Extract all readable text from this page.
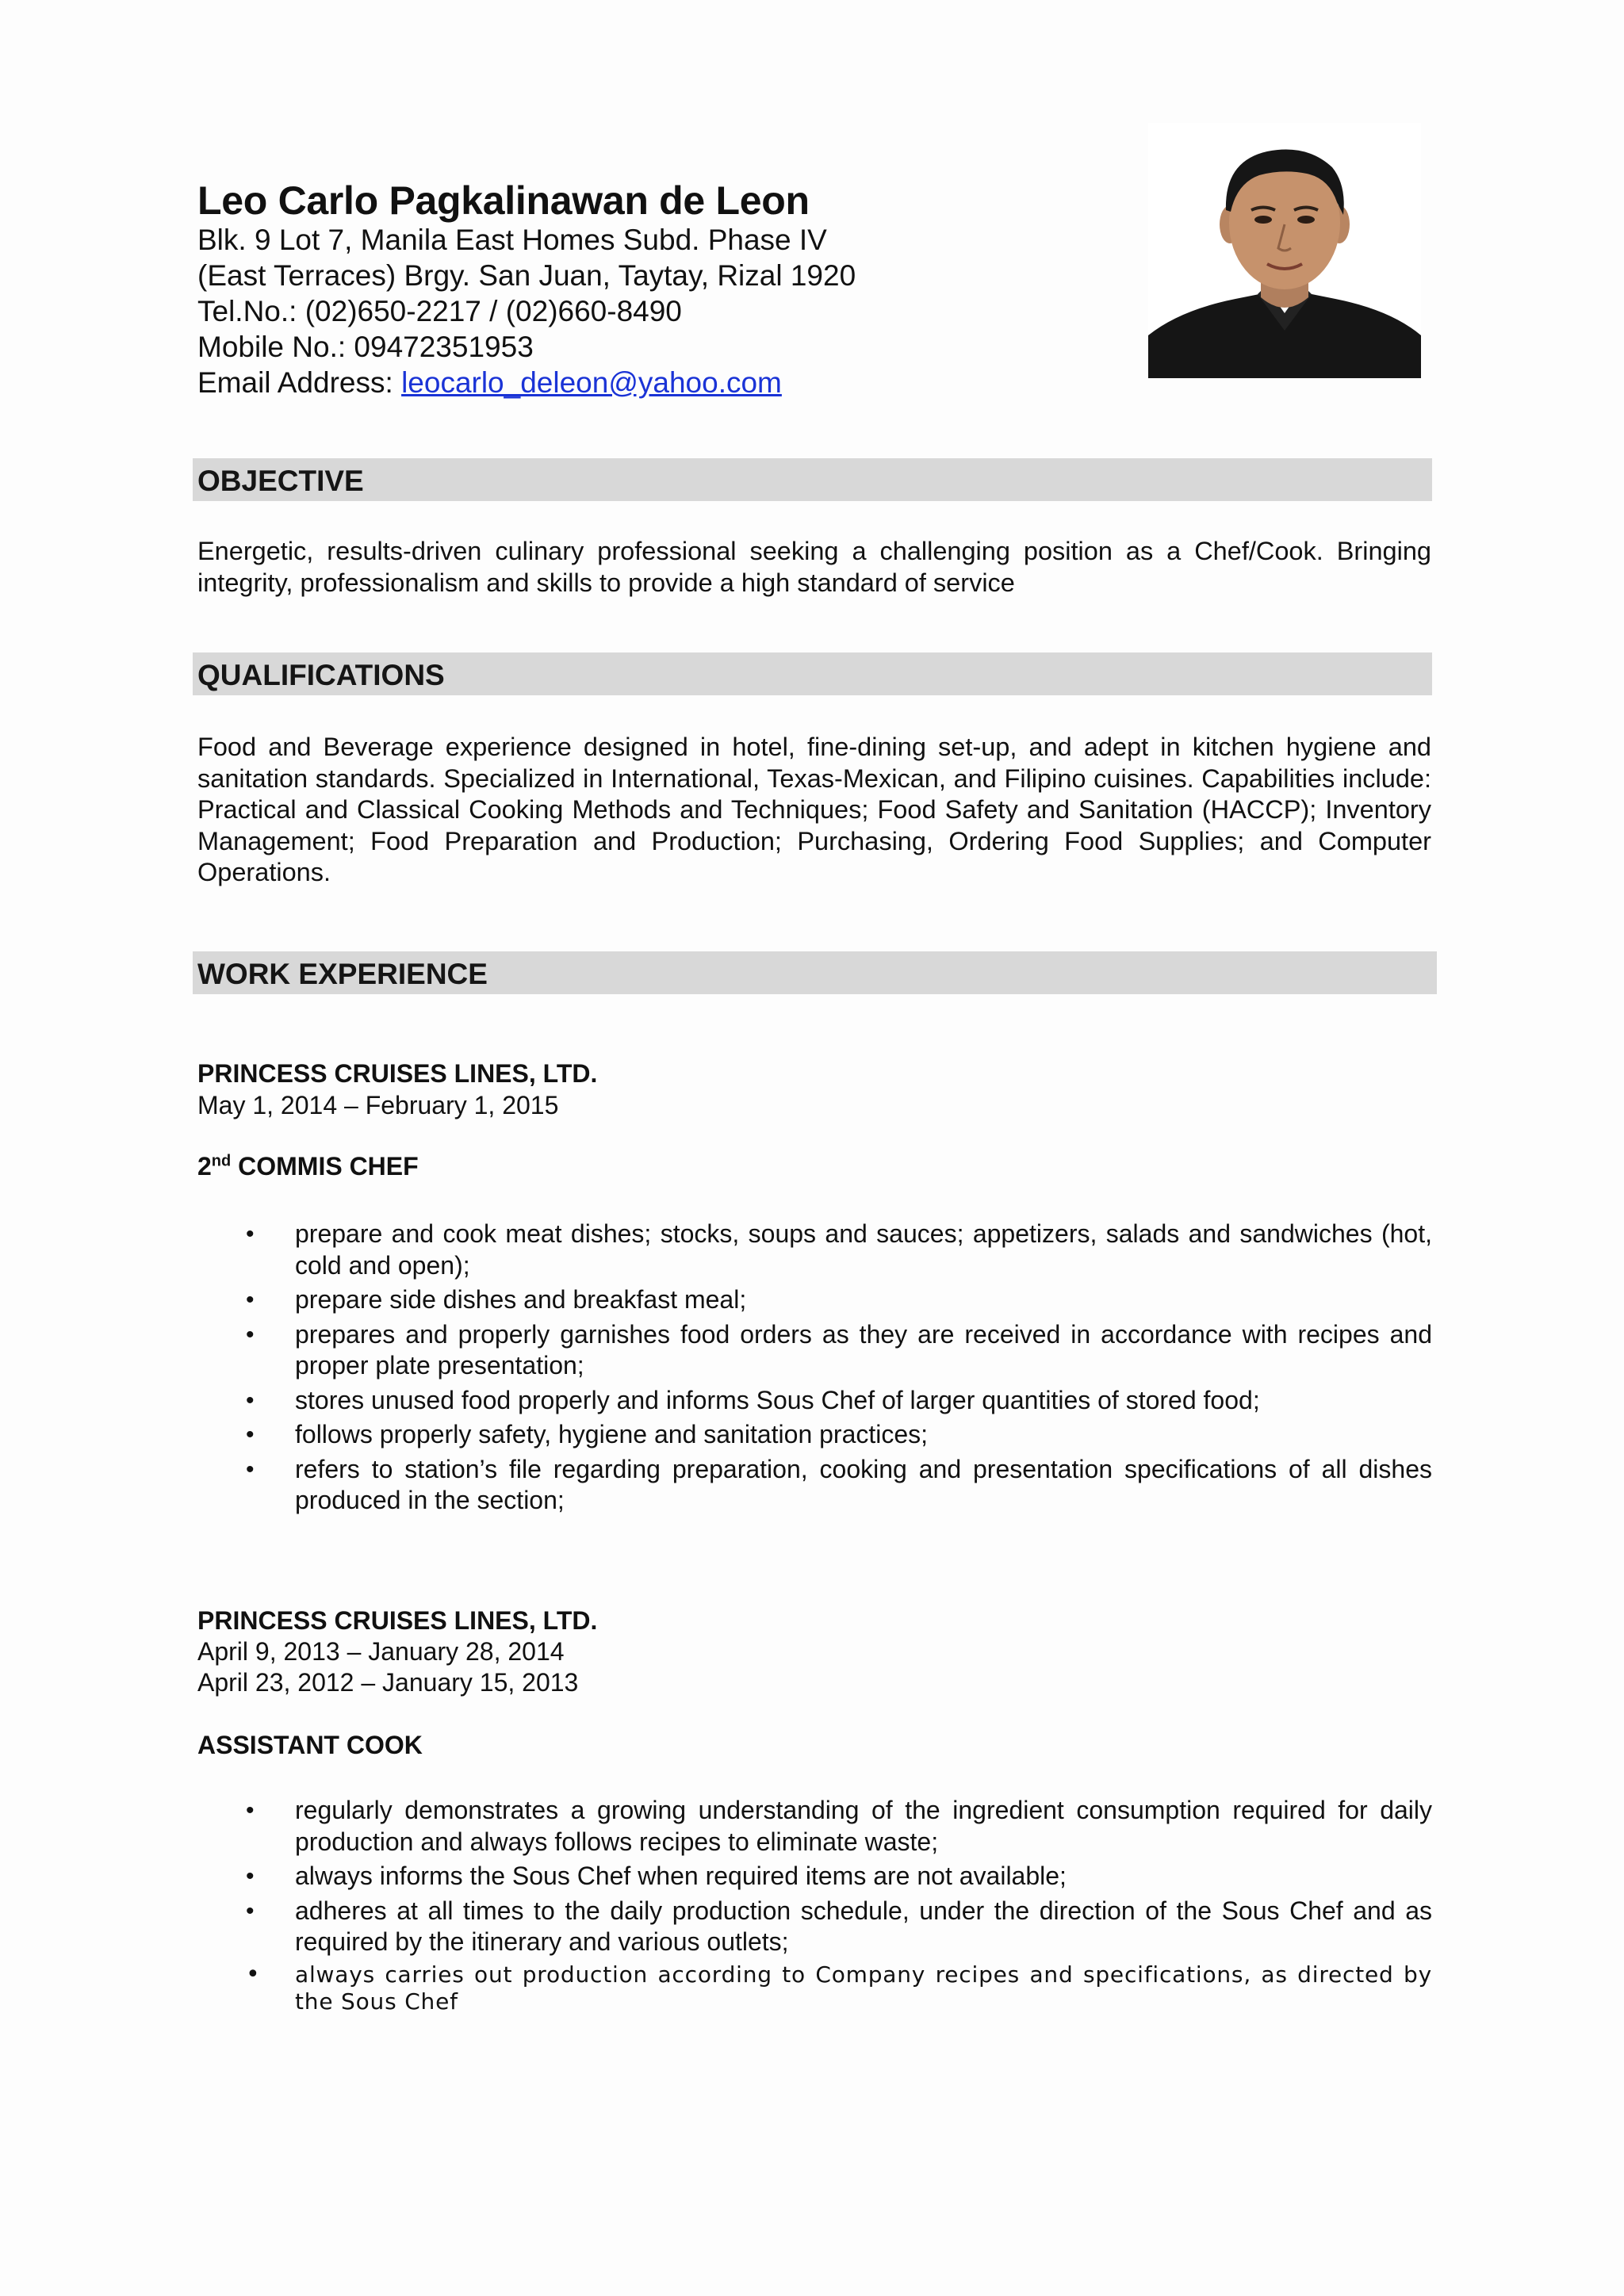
Leo Carlo Pagkalinawan de Leon
Blk. 9 Lot 7, Manila East Homes Subd. Phase IV
(East Terraces) Brgy. San Juan, Taytay, Rizal 1920
Tel.No.: (02)650-2217 / (02)660-8490
Mobile No.: 09472351953
Email Address: leocarlo_deleon@yahoo.com
OBJECTIVE
Energetic, results-driven culinary professional seeking a challenging position as a Chef/Cook. Bringing integrity, professionalism and skills to provide a high standard of service
QUALIFICATIONS
Food and Beverage experience designed in hotel, fine-dining set-up, and adept in kitchen hygiene and sanitation standards. Specialized in International, Texas-Mexican, and Filipino cuisines. Capabilities include: Practical and Classical Cooking Methods and Techniques; Food Safety and Sanitation (HACCP); Inventory Management; Food Preparation and Production; Purchasing, Ordering Food Supplies; and Computer Operations.
WORK EXPERIENCE
PRINCESS CRUISES LINES, LTD.
May 1, 2014 – February 1, 2015
2nd COMMIS CHEF
• prepare and cook meat dishes; stocks, soups and sauces; appetizers, salads and sandwiches (hot, cold and open);
• prepare side dishes and breakfast meal;
• prepares and properly garnishes food orders as they are received in accordance with recipes and proper plate presentation;
• stores unused food properly and informs Sous Chef of larger quantities of stored food;
• follows properly safety, hygiene and sanitation practices;
• refers to station’s file regarding preparation, cooking and presentation specifications of all dishes produced in the section;
PRINCESS CRUISES LINES, LTD.
April 9, 2013 – January 28, 2014
April 23, 2012 – January 15, 2013
ASSISTANT COOK
• regularly demonstrates a growing understanding of the ingredient consumption required for daily production and always follows recipes to eliminate waste;
• always informs the Sous Chef when required items are not available;
• adheres at all times to the daily production schedule, under the direction of the Sous Chef and as required by the itinerary and various outlets;
• always carries out production according to Company recipes and specifications, as directed by the Sous Chef
